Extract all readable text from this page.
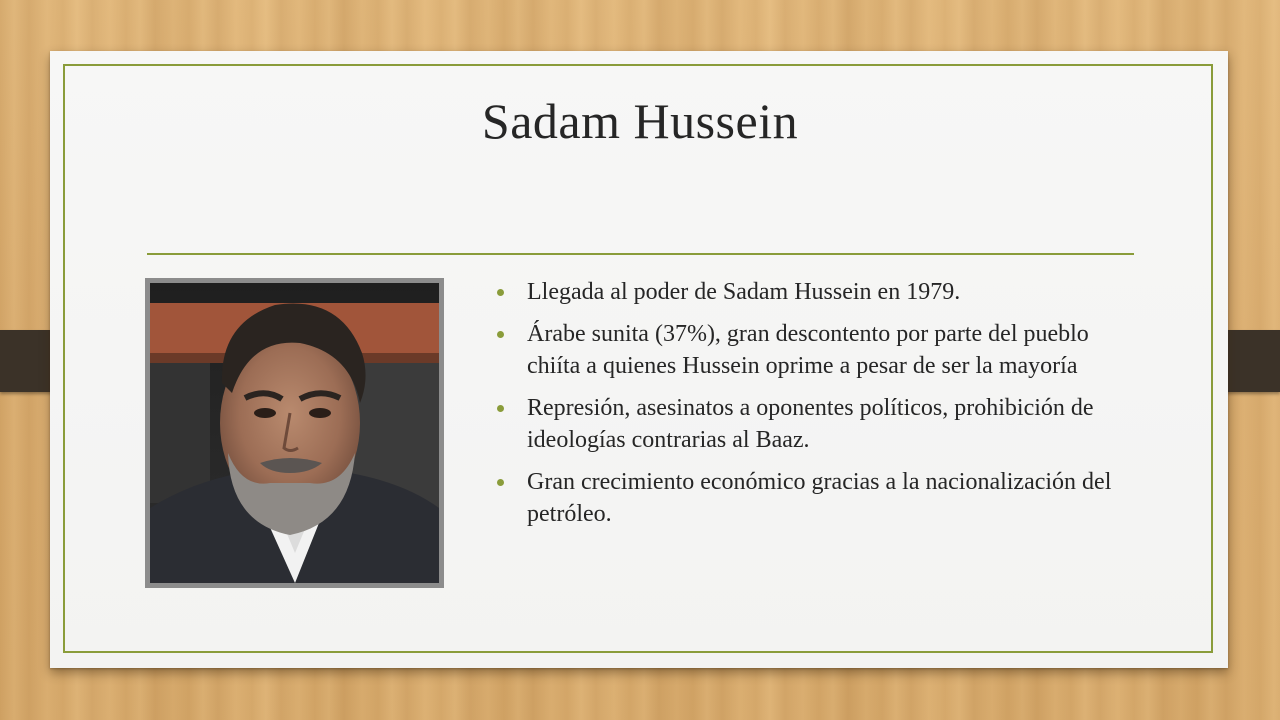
Sadam Hussein
Llegada al poder de Sadam Hussein en 1979.
Árabe sunita (37%), gran descontento por parte del pueblo chiíta a quienes Hussein oprime a pesar de ser la mayoría
Represión, asesinatos a oponentes políticos, prohibición de ideologías contrarias al Baaz.
Gran crecimiento económico gracias a la nacionalización del petróleo.
